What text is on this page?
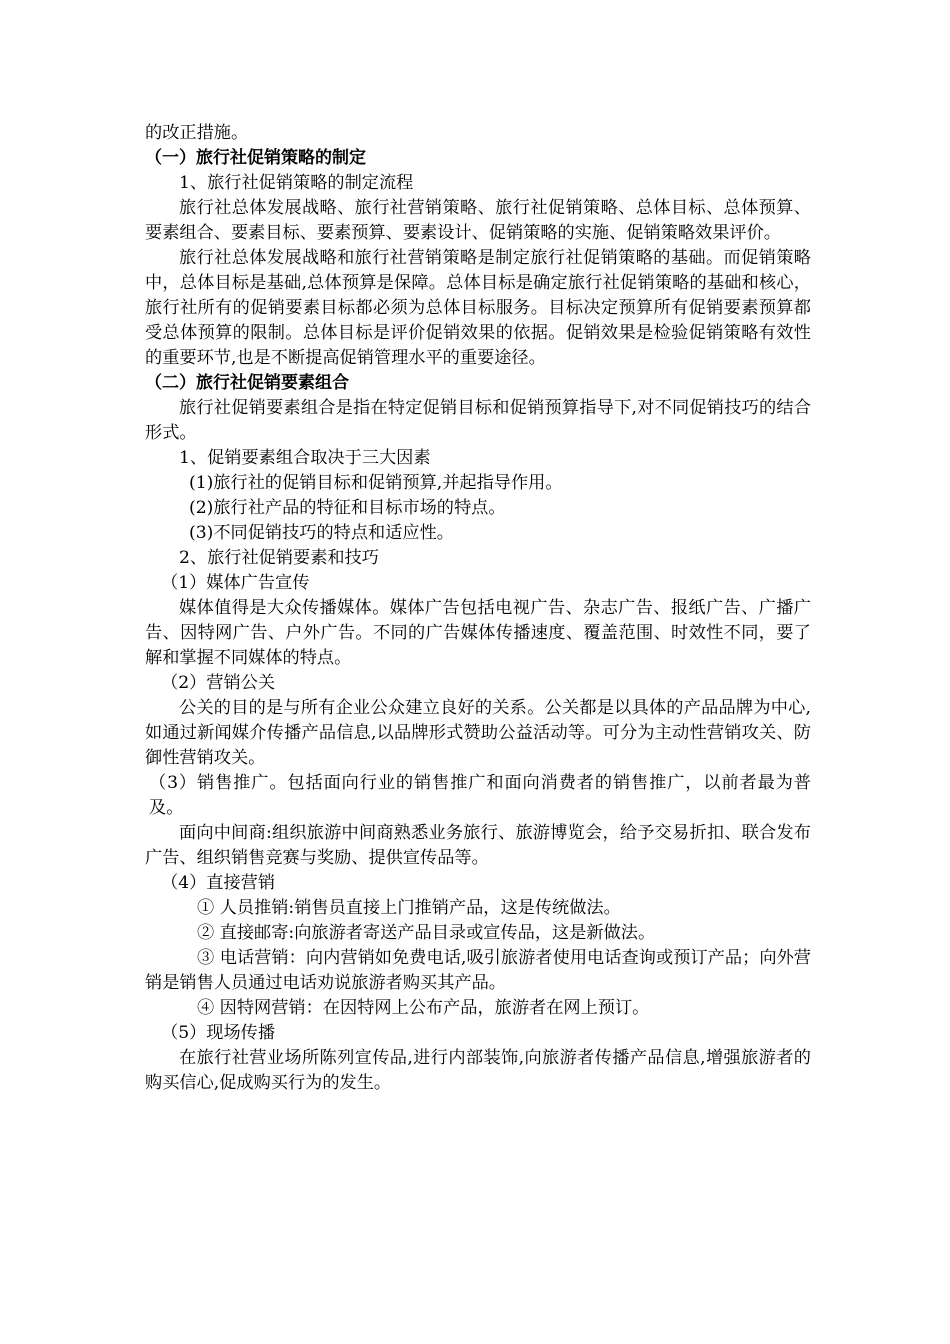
的改正措施。

（一）旅行社促销策略的制定

1、旅行社促销策略的制定流程

旅行社总体发展战略、旅行社营销策略、旅行社促销策略、总体目标、总体预算、要素组合、要素目标、要素预算、要素设计、促销策略的实施、促销策略效果评价。

旅行社总体发展战略和旅行社营销策略是制定旅行社促销策略的基础。而促销策略中，总体目标是基础,总体预算是保障。总体目标是确定旅行社促销策略的基础和核心，旅行社所有的促销要素目标都必须为总体目标服务。目标决定预算所有促销要素预算都受总体预算的限制。总体目标是评价促销效果的依据。促销效果是检验促销策略有效性的重要环节,也是不断提高促销管理水平的重要途径。

（二）旅行社促销要素组合

旅行社促销要素组合是指在特定促销目标和促销预算指导下,对不同促销技巧的结合形式。

1、促销要素组合取决于三大因素

(1)旅行社的促销目标和促销预算,并起指导作用。

(2)旅行社产品的特征和目标市场的特点。

(3)不同促销技巧的特点和适应性。

2、旅行社促销要素和技巧

（1）媒体广告宣传

媒体值得是大众传播媒体。媒体广告包括电视广告、杂志广告、报纸广告、广播广告、因特网广告、户外广告。不同的广告媒体传播速度、覆盖范围、时效性不同，要了解和掌握不同媒体的特点。

（2）营销公关

公关的目的是与所有企业公众建立良好的关系。公关都是以具体的产品品牌为中心,如通过新闻媒介传播产品信息,以品牌形式赞助公益活动等。可分为主动性营销攻关、防御性营销攻关。

（3）销售推广。包括面向行业的销售推广和面向消费者的销售推广，以前者最为普及。

面向中间商:组织旅游中间商熟悉业务旅行、旅游博览会，给予交易折扣、联合发布广告、组织销售竞赛与奖励、提供宣传品等。

（4）直接营销

① 人员推销:销售员直接上门推销产品，这是传统做法。

② 直接邮寄:向旅游者寄送产品目录或宣传品，这是新做法。

③ 电话营销：向内营销如免费电话,吸引旅游者使用电话查询或预订产品；向外营销是销售人员通过电话劝说旅游者购买其产品。

④ 因特网营销：在因特网上公布产品，旅游者在网上预订。

（5）现场传播

在旅行社营业场所陈列宣传品,进行内部装饰,向旅游者传播产品信息,增强旅游者的购买信心,促成购买行为的发生。
